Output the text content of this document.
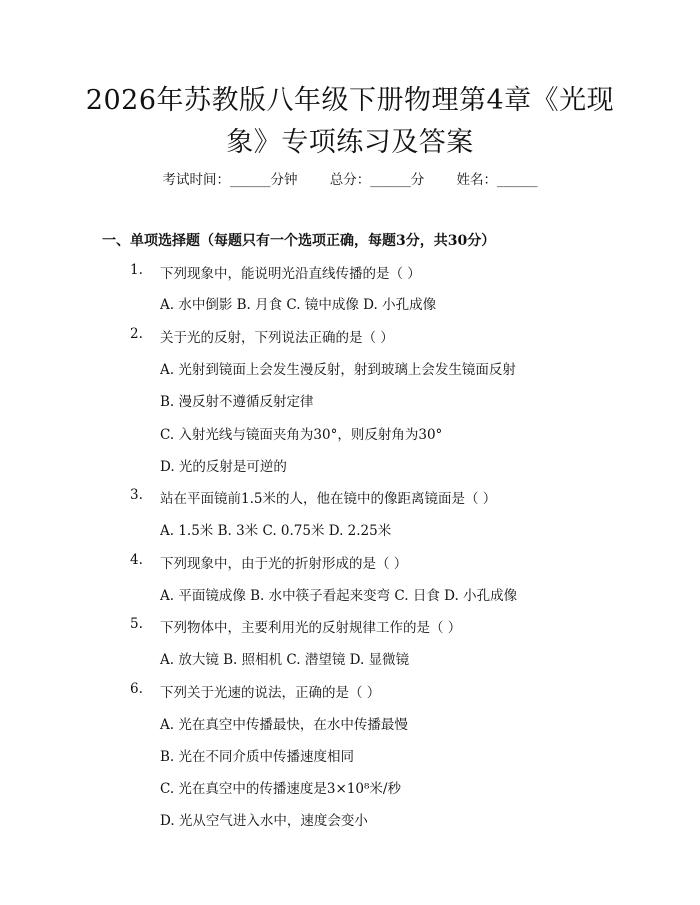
2026年苏教版八年级下册物理第4章《光现
象》专项练习及答案
考试时间：______分钟 总分：______分 姓名：______
一、单项选择题（每题只有一个选项正确，每题3分，共30分）
1. 下列现象中，能说明光沿直线传播的是（ ）
A. 水中倒影 B. 月食 C. 镜中成像 D. 小孔成像
2. 关于光的反射，下列说法正确的是（ ）
A. 光射到镜面上会发生漫反射，射到玻璃上会发生镜面反射
B. 漫反射不遵循反射定律
C. 入射光线与镜面夹角为30°，则反射角为30°
D. 光的反射是可逆的
3. 站在平面镜前1.5米的人，他在镜中的像距离镜面是（ ）
A. 1.5米 B. 3米 C. 0.75米 D. 2.25米
4. 下列现象中，由于光的折射形成的是（ ）
A. 平面镜成像 B. 水中筷子看起来变弯 C. 日食 D. 小孔成像
5. 下列物体中，主要利用光的反射规律工作的是（ ）
A. 放大镜 B. 照相机 C. 潜望镜 D. 显微镜
6. 下列关于光速的说法，正确的是（ ）
A. 光在真空中传播最快，在水中传播最慢
B. 光在不同介质中传播速度相同
C. 光在真空中的传播速度是3×10⁸米/秒
D. 光从空气进入水中，速度会变小
